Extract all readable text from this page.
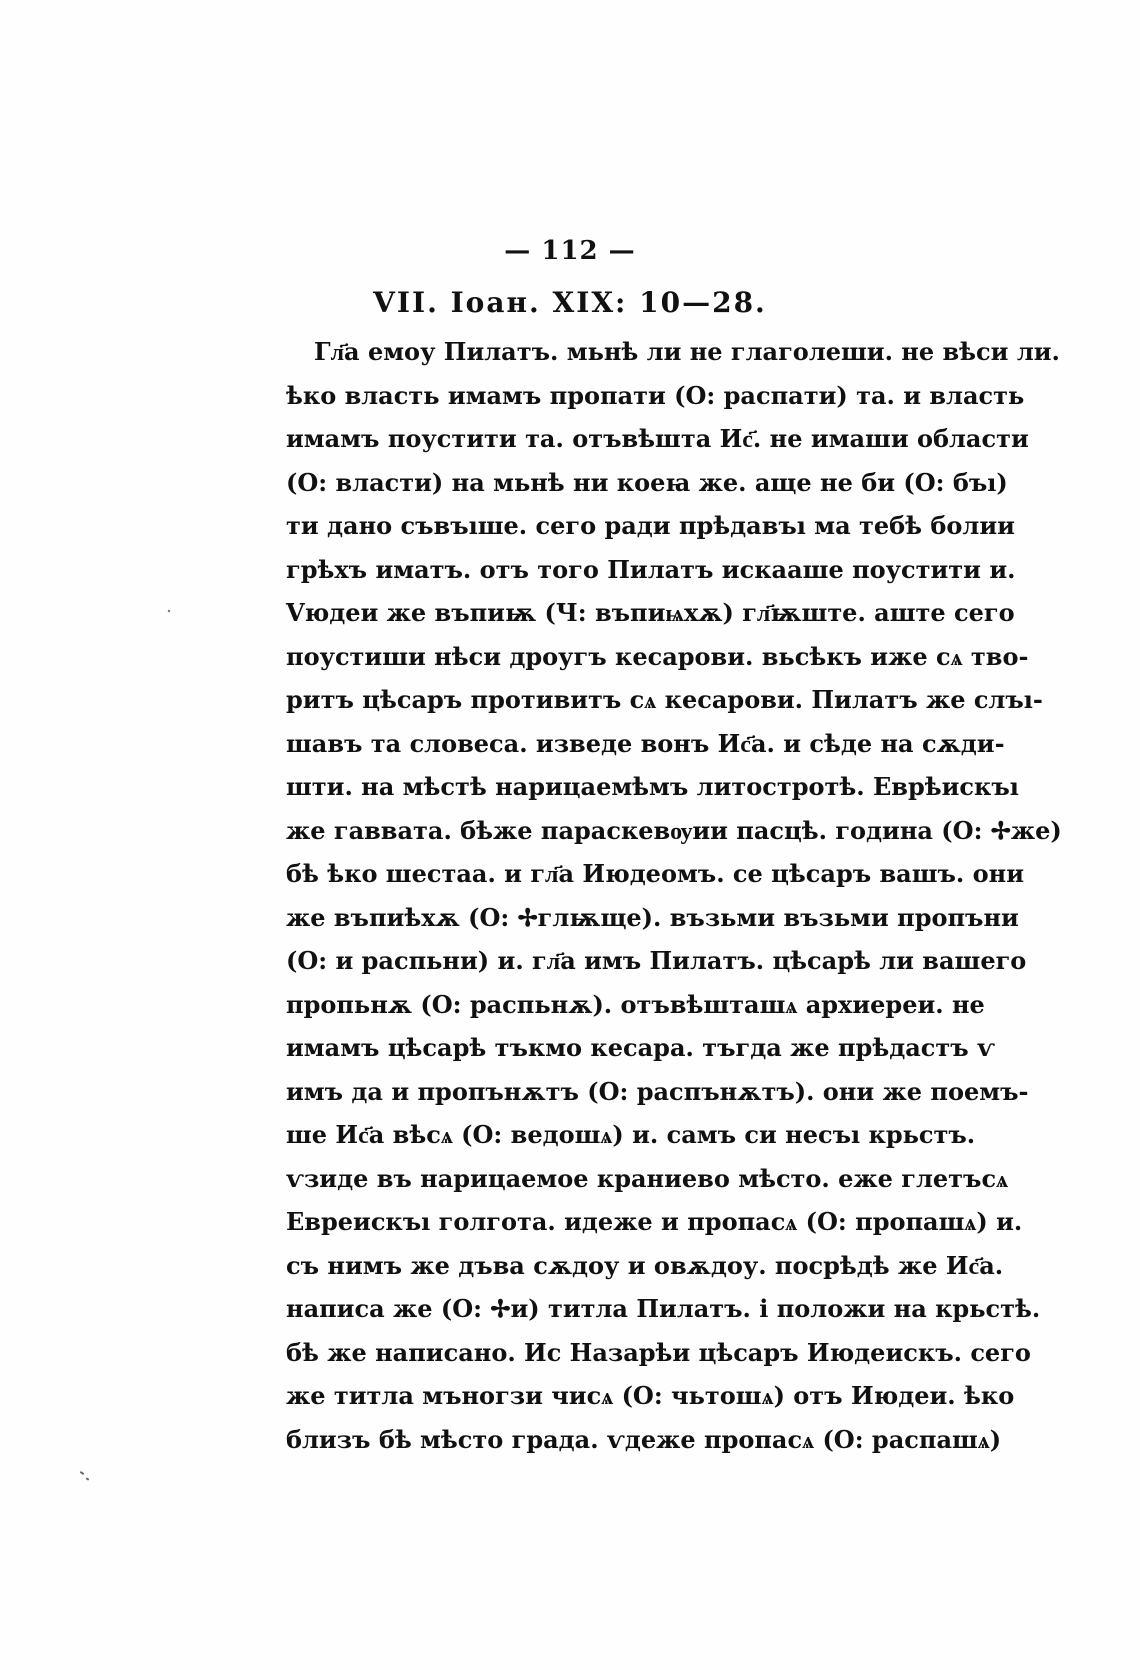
— 112 —
VII. Іоан. XIX: 10—28.
Гл҃а емоу Пилатъ. мьнѣ ли не глаголеши. не вѣси ли.
ѣко власть имамъ пропати (О: распати) та. и власть
имамъ поустити та. отъвѣшта Ис҃. не имаши области
(О: власти) на мьнѣ ни коеꙗ же. аще не би (О: бъı)
ти дано съвъıше. сего ради прѣдавъı ма тебѣ болии
грѣхъ иматъ. отъ того Пилатъ искааше поустити и.
Vюдеи же въпиѭ (Ч: въпиѩхѫ) гл҃ѭште. аште сего
поустиши нѣси дроугъ кесарови. вьсѣкъ иже сѧ тво-
ритъ цѣсаръ противитъ сѧ кесарови. Пилатъ же слъı-
шавъ та словеса. изведе вонъ Ис҃а. и сѣде на сѫди-
шти. на мѣстѣ нарицаемѣмъ литостротѣ. Еврѣискъı
же гаввата. бѣже параскевѹии пасцѣ. година (О: ✢же)
бѣ ѣко шестаа. и гл҃а Июдеомъ. се цѣсаръ вашъ. они
же въпиѣхѫ (О: ✢глѭще). възьми възьми пропъни
(О: и распьни) и. гл҃а имъ Пилатъ. цѣсарѣ ли вашего
пропьнѫ (О: распьнѫ). отъвѣшташѧ архиереи. не
имамъ цѣсарѣ тъкмо кесара. тъгда же прѣдастъ ѵ
имъ да и пропънѫтъ (О: распънѫтъ). они же поемъ-
ше Ис҃а вѣсѧ (О: ведошѧ) и. самъ си несъı крьстъ.
ѵзиде въ нарицаемое краниево мѣсто. еже глетъсѧ
Евреискъı голгота. идеже и пропасѧ (О: пропашѧ) и.
съ нимъ же дъва сѫдоу и овѫдоу. посрѣдѣ же Ис҃а.
написа же (О: ✢и) титла Пилатъ. і положи на крьстѣ.
бѣ же написано. Ис Назарѣи цѣсаръ Июдеискъ. сего
же титла мъногзи чисѧ (О: чьтошѧ) отъ Июдеи. ѣко
близъ бѣ мѣсто града. ѵдеже пропасѧ (О: распашѧ)
